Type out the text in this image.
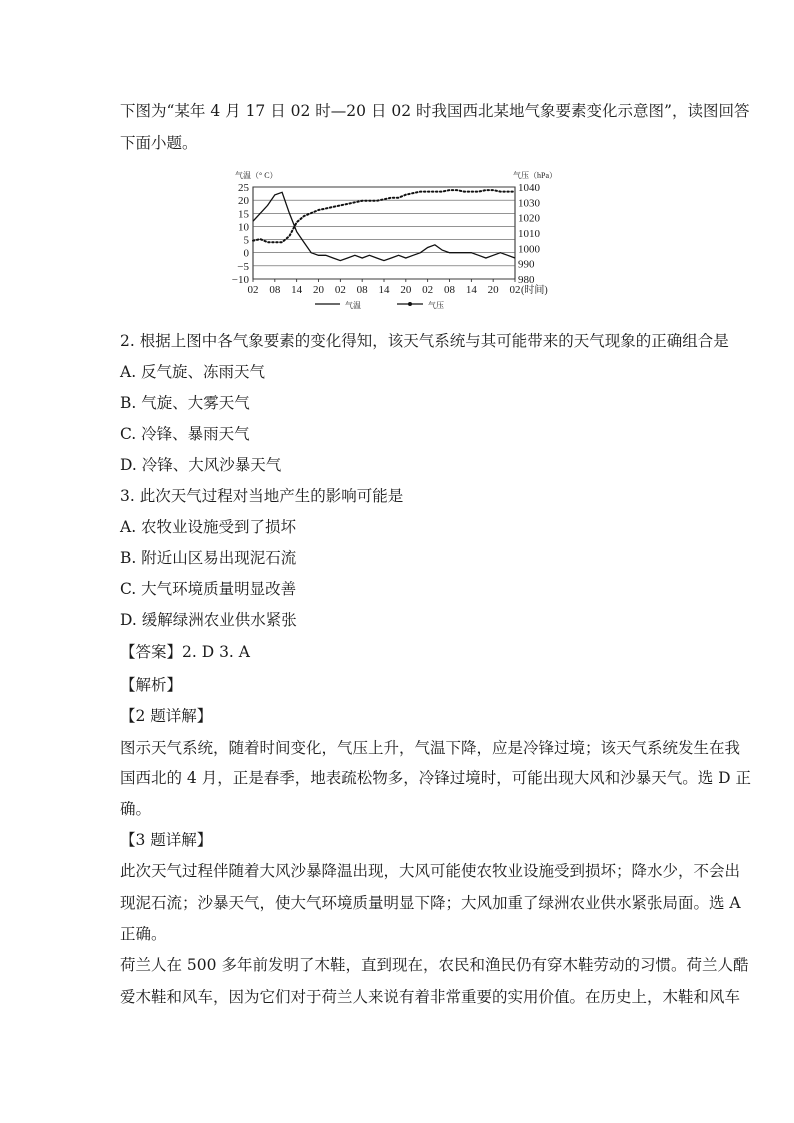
下图为“某年 4 月 17 日 02 时—20 日 02 时我国西北某地气象要素变化示意图”，读图回答
下面小题。
气温（° C）	气压（hPa）
25
20
15
10
5
0
−5
−10
1040
1030
1020
1010
1000
990
980
02 08 14 20 02 08 14 20 02 08 14 20 02 (时间)
气温	气压
2. 根据上图中各气象要素的变化得知，该天气系统与其可能带来的天气现象的正确组合是
A. 反气旋、冻雨天气
B. 气旋、大雾天气
C. 冷锋、暴雨天气
D. 冷锋、大风沙暴天气
3. 此次天气过程对当地产生的影响可能是
A. 农牧业设施受到了损坏
B. 附近山区易出现泥石流
C. 大气环境质量明显改善
D. 缓解绿洲农业供水紧张
【答案】2. D 3. A
【解析】
【2 题详解】
图示天气系统，随着时间变化，气压上升，气温下降，应是冷锋过境；该天气系统发生在我
国西北的 4 月，正是春季，地表疏松物多，冷锋过境时，可能出现大风和沙暴天气。选 D 正
确。
【3 题详解】
此次天气过程伴随着大风沙暴降温出现，大风可能使农牧业设施受到损坏；降水少，不会出
现泥石流；沙暴天气，使大气环境质量明显下降；大风加重了绿洲农业供水紧张局面。选 A
正确。
荷兰人在 500 多年前发明了木鞋，直到现在，农民和渔民仍有穿木鞋劳动的习惯。荷兰人酷
爱木鞋和风车，因为它们对于荷兰人来说有着非常重要的实用价值。在历史上，木鞋和风车
